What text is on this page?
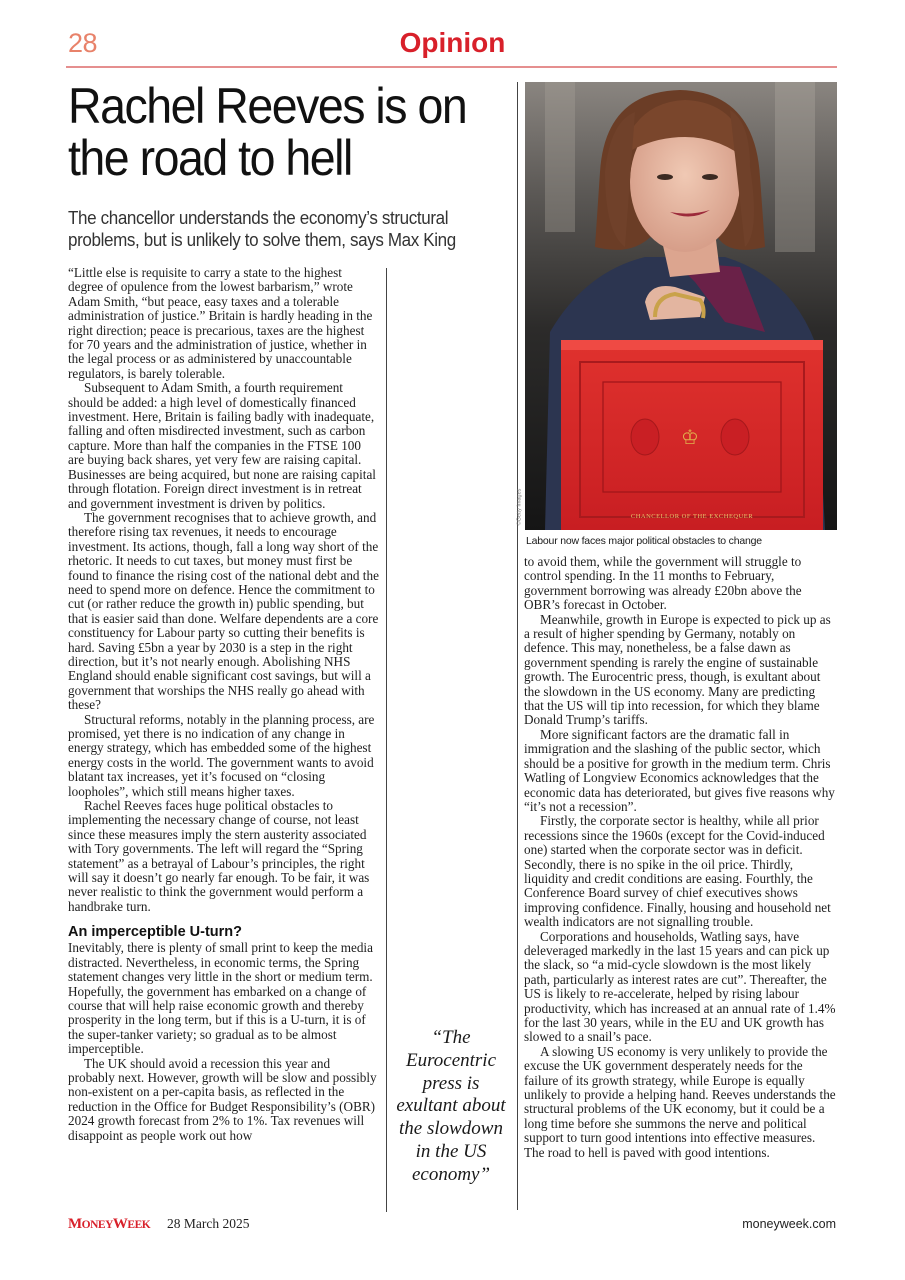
28	Opinion
Rachel Reeves is on the road to hell

The chancellor understands the economy’s structural problems, but is unlikely to solve them, says Max King

“Little else is requisite to carry a state to the highest degree of opulence from the lowest barbarism,” wrote Adam Smith, “but peace, easy taxes and a tolerable administration of justice.” Britain is hardly heading in the right direction; peace is precarious, taxes are the highest for 70 years and the administration of justice, whether in the legal process or as administered by unaccountable regulators, is barely tolerable.

Subsequent to Adam Smith, a fourth requirement should be added: a high level of domestically financed investment. Here, Britain is failing badly with inadequate, falling and often misdirected investment, such as carbon capture. More than half the companies in the FTSE 100 are buying back shares, yet very few are raising capital. Businesses are being acquired, but none are raising capital through flotation. Foreign direct investment is in retreat and government investment is driven by politics.

The government recognises that to achieve growth, and therefore rising tax revenues, it needs to encourage investment. Its actions, though, fall a long way short of the rhetoric. It needs to cut taxes, but money must first be found to finance the rising cost of the national debt and the need to spend more on defence. Hence the commitment to cut (or rather reduce the growth in) public spending, but that is easier said than done. Welfare dependents are a core constituency for Labour party so cutting their benefits is hard. Saving £5bn a year by 2030 is a step in the right direction, but it’s not nearly enough. Abolishing NHS England should enable significant cost savings, but will a government that worships the NHS really go ahead with these?

Structural reforms, notably in the planning process, are promised, yet there is no indication of any change in energy strategy, which has embedded some of the highest energy costs in the world. The government wants to avoid blatant tax increases, yet it’s focused on “closing loopholes”, which still means higher taxes.

Rachel Reeves faces huge political obstacles to implementing the necessary change of course, not least since these measures imply the stern austerity associated with Tory governments. The left will regard the “Spring statement” as a betrayal of Labour’s principles, the right will say it doesn’t go nearly far enough. To be fair, it was never realistic to think the government would perform a handbrake turn.

An imperceptible U-turn?

Inevitably, there is plenty of small print to keep the media distracted. Nevertheless, in economic terms, the Spring statement changes very little in the short or medium term. Hopefully, the government has embarked on a change of course that will help raise economic growth and thereby prosperity in the long term, but if this is a U-turn, it is of the super-tanker variety; so gradual as to be almost imperceptible.

The UK should avoid a recession this year and probably next. However, growth will be slow and possibly non-existent on a per-capita basis, as reflected in the reduction in the Office for Budget Responsibility’s (OBR) 2024 growth forecast from 2% to 1%. Tax revenues will disappoint as people work out how

“The Eurocentric press is exultant about the slowdown in the US economy”
♔
CHANCELLOR OF THE EXCHEQUER
©Getty Images
Labour now faces major political obstacles to change

to avoid them, while the government will struggle to control spending. In the 11 months to February, government borrowing was already £20bn above the OBR’s forecast in October.

Meanwhile, growth in Europe is expected to pick up as a result of higher spending by Germany, notably on defence. This may, nonetheless, be a false dawn as government spending is rarely the engine of sustainable growth. The Eurocentric press, though, is exultant about the slowdown in the US economy. Many are predicting that the US will tip into recession, for which they blame Donald Trump’s tariffs.

More significant factors are the dramatic fall in immigration and the slashing of the public sector, which should be a positive for growth in the medium term. Chris Watling of Longview Economics acknowledges that the economic data has deteriorated, but gives five reasons why “it’s not a recession”.

Firstly, the corporate sector is healthy, while all prior recessions since the 1960s (except for the Covid-induced one) started when the corporate sector was in deficit. Secondly, there is no spike in the oil price. Thirdly, liquidity and credit conditions are easing. Fourthly, the Conference Board survey of chief executives shows improving confidence. Finally, housing and household net wealth indicators are not signalling trouble.

Corporations and households, Watling says, have deleveraged markedly in the last 15 years and can pick up the slack, so “a mid-cycle slowdown is the most likely path, particularly as interest rates are cut”. Thereafter, the US is likely to re-accelerate, helped by rising labour productivity, which has increased at an annual rate of 1.4% for the last 30 years, while in the EU and UK growth has slowed to a snail’s pace.

A slowing US economy is very unlikely to provide the excuse the UK government desperately needs for the failure of its growth strategy, while Europe is equally unlikely to provide a helping hand. Reeves understands the structural problems of the UK economy, but it could be a long time before she summons the nerve and political support to turn good intentions into effective measures. The road to hell is paved with good intentions.

MONEYWEEK 28 March 2025	moneyweek.com
